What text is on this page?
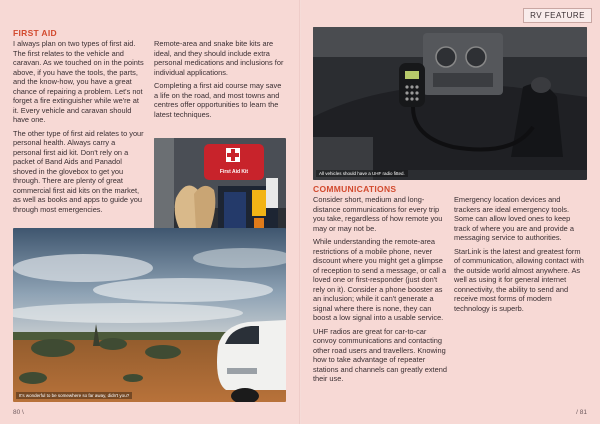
FIRST AID

I always plan on two types of first aid. The first relates to the vehicle and caravan. As we touched on in the points above, if you have the tools, the parts, and the know-how, you have a great chance of repairing a problem. Let's not forget a fire extinguisher while we're at it. Every vehicle and caravan should have one.

The other type of first aid relates to your personal health. Always carry a personal first aid kit. Don't rely on a packet of Band Aids and Panadol shoved in the glovebox to get you through. There are plenty of great commercial first aid kits on the market, as well as books and apps to guide you through most emergencies.

Remote-area and snake bite kits are ideal, and they should include extra personal medications and inclusions for individual applications.

Completing a first aid course may save a life on the road, and most towns and centres offer opportunities to learn the latest techniques.

First Aid Kit
It's wonderful to be somewhere so far away, didn't you?
80 \
RV FEATURE
All vehicles should have a UHF radio fitted.
COMMUNICATIONS

Consider short, medium and long-distance communications for every trip you take, regardless of how remote you may or may not be.

While understanding the remote-area restrictions of a mobile phone, never discount where you might get a glimpse of reception to send a message, or call a loved one or first-responder (just don't rely on it). Consider a phone booster as an inclusion; while it can't generate a signal where there is none, they can boost a low signal into a usable service.

UHF radios are great for car-to-car convoy communications and contacting other road users and travellers. Knowing how to take advantage of repeater stations and channels can greatly extend their use.

Emergency location devices and trackers are ideal emergency tools. Some can allow loved ones to keep track of where you are and provide a messaging service to authorities.

StarLink is the latest and greatest form of communication, allowing contact with the outside world almost anywhere. As well as using it for general internet connectivity, the ability to send and receive most forms of modern technology is superb.

/ 81
